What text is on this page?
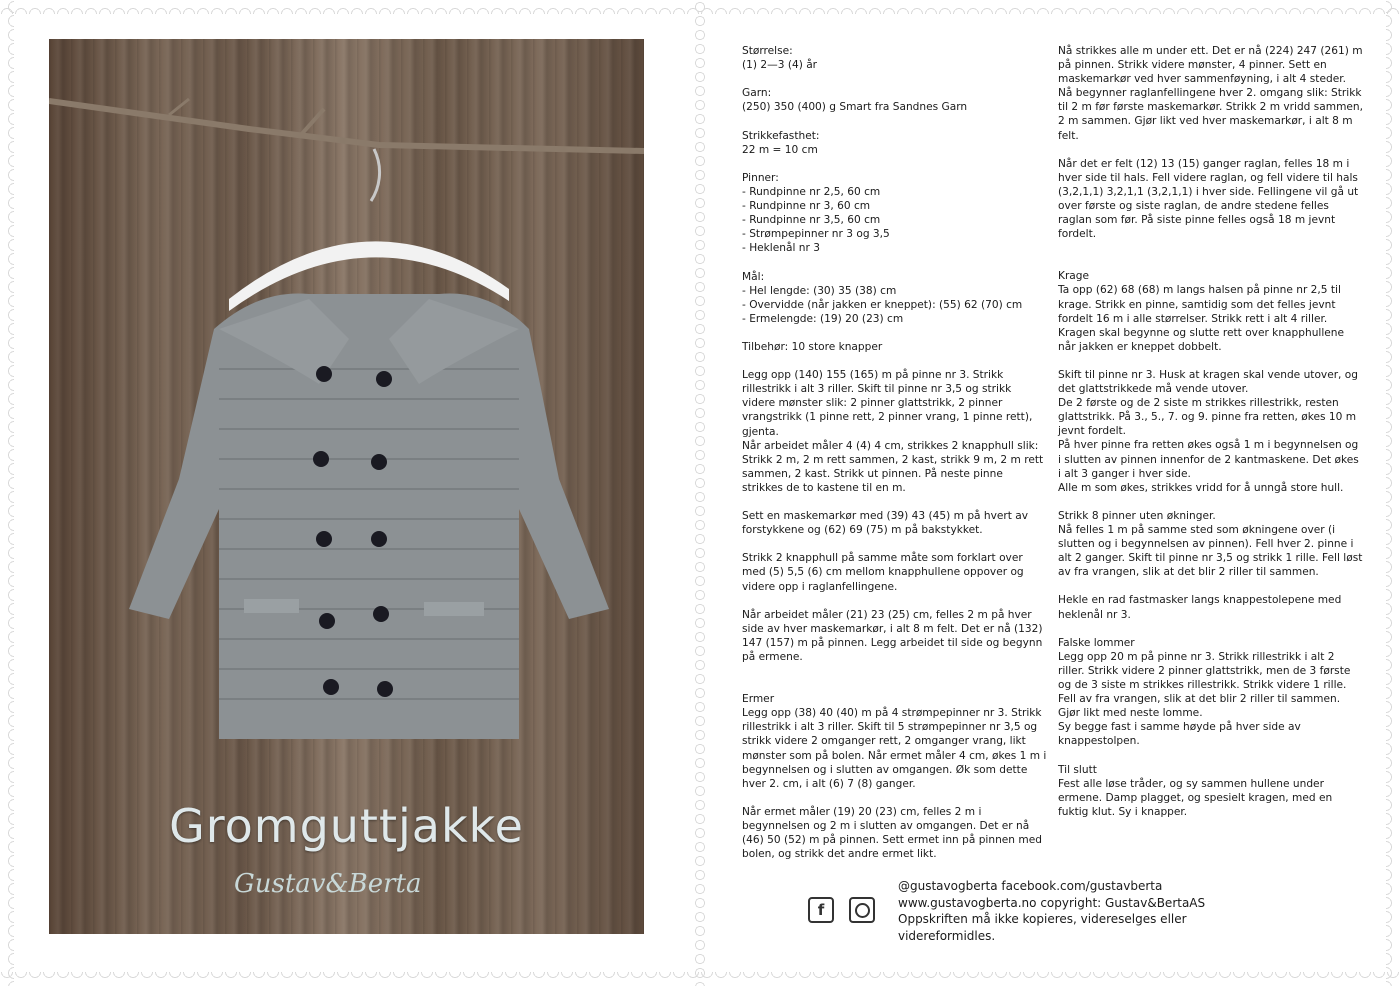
Gromguttjakke
Gustav&Berta

Størrelse:
(1) 2—3 (4) år

Garn:
(250) 350 (400) g Smart fra Sandnes Garn

Strikkefasthet:
22 m = 10 cm

Pinner:
- Rundpinne nr 2,5, 60 cm
- Rundpinne nr 3, 60 cm
- Rundpinne nr 3,5, 60 cm
- Strømpepinner nr 3 og 3,5
- Heklenål nr 3

Mål:
- Hel lengde: (30) 35 (38) cm
- Overvidde (når jakken er kneppet): (55) 62 (70) cm
- Ermelengde: (19) 20 (23) cm

Tilbehør: 10 store knapper

Legg opp (140) 155 (165) m på pinne nr 3. Strikk rillestrikk i alt 3 riller. Skift til pinne nr 3,5 og strikk videre mønster slik: 2 pinner glattstrikk, 2 pinner vrangstrikk (1 pinne rett, 2 pinner vrang, 1 pinne rett), gjenta.
Når arbeidet måler 4 (4) 4 cm, strikkes 2 knapphull slik: Strikk 2 m, 2 m rett sammen, 2 kast, strikk 9 m, 2 m rett sammen, 2 kast. Strikk ut pinnen. På neste pinne strikkes de to kastene til en m.

Sett en maskemarkør med (39) 43 (45) m på hvert av forstykkene og (62) 69 (75) m på bakstykket.

Strikk 2 knapphull på samme måte som forklart over med (5) 5,5 (6) cm mellom knapphullene oppover og videre opp i raglanfellingene.

Når arbeidet måler (21) 23 (25) cm, felles 2 m på hver side av hver maskemarkør, i alt 8 m felt. Det er nå (132) 147 (157) m på pinnen. Legg arbeidet til side og begynn på ermene.

Ermer
Legg opp (38) 40 (40) m på 4 strømpepinner nr 3. Strikk rillestrikk i alt 3 riller. Skift til 5 strømpepinner nr 3,5 og strikk videre 2 omganger rett, 2 omganger vrang, likt mønster som på bolen. Når ermet måler 4 cm, økes 1 m i begynnelsen og i slutten av omgangen. Øk som dette hver 2. cm, i alt (6) 7 (8) ganger.

Når ermet måler (19) 20 (23) cm, felles 2 m i begynnelsen og 2 m i slutten av omgangen. Det er nå (46) 50 (52) m på pinnen. Sett ermet inn på pinnen med bolen, og strikk det andre ermet likt.

Nå strikkes alle m under ett. Det er nå (224) 247 (261) m på pinnen. Strikk videre mønster, 4 pinner. Sett en maskemarkør ved hver sammenføyning, i alt 4 steder.
Nå begynner raglanfellingene hver 2. omgang slik: Strikk til 2 m før første maskemarkør. Strikk 2 m vridd sammen, 2 m sammen. Gjør likt ved hver maskemarkør, i alt 8 m felt.

Når det er felt (12) 13 (15) ganger raglan, felles 18 m i hver side til hals. Fell videre raglan, og fell videre til hals (3,2,1,1) 3,2,1,1 (3,2,1,1) i hver side. Fellingene vil gå ut over første og siste raglan, de andre stedene felles raglan som før. På siste pinne felles også 18 m jevnt fordelt.

Krage
Ta opp (62) 68 (68) m langs halsen på pinne nr 2,5 til krage. Strikk en pinne, samtidig som det felles jevnt fordelt 16 m i alle størrelser. Strikk rett i alt 4 riller. Kragen skal begynne og slutte rett over knapphullene når jakken er kneppet dobbelt.

Skift til pinne nr 3. Husk at kragen skal vende utover, og det glattstrikkede må vende utover.
De 2 første og de 2 siste m strikkes rillestrikk, resten glattstrikk. På 3., 5., 7. og 9. pinne fra retten, økes 10 m jevnt fordelt.
På hver pinne fra retten økes også 1 m i begynnelsen og i slutten av pinnen innenfor de 2 kantmaskene. Det økes i alt 3 ganger i hver side.
Alle m som økes, strikkes vridd for å unngå store hull.

Strikk 8 pinner uten økninger.
Nå felles 1 m på samme sted som økningene over (i slutten og i begynnelsen av pinnen). Fell hver 2. pinne i alt 2 ganger. Skift til pinne nr 3,5 og strikk 1 rille. Fell løst av fra vrangen, slik at det blir 2 riller til sammen.

Hekle en rad fastmasker langs knappestolepene med heklenål nr 3.

Falske lommer
Legg opp 20 m på pinne nr 3. Strikk rillestrikk i alt 2 riller. Strikk videre 2 pinner glattstrikk, men de 3 første og de 3 siste m strikkes rillestrikk. Strikk videre 1 rille. Fell av fra vrangen, slik at det blir 2 riller til sammen. Gjør likt med neste lomme.
Sy begge fast i samme høyde på hver side av knappestolpen.

Til slutt
Fest alle løse tråder, og sy sammen hullene under ermene. Damp plagget, og spesielt kragen, med en fuktig klut. Sy i knapper.

f
@gustavogberta facebook.com/gustavberta
www.gustavogberta.no copyright: Gustav&BertaAS
Oppskriften må ikke kopieres, videreselges eller videreformidles.
